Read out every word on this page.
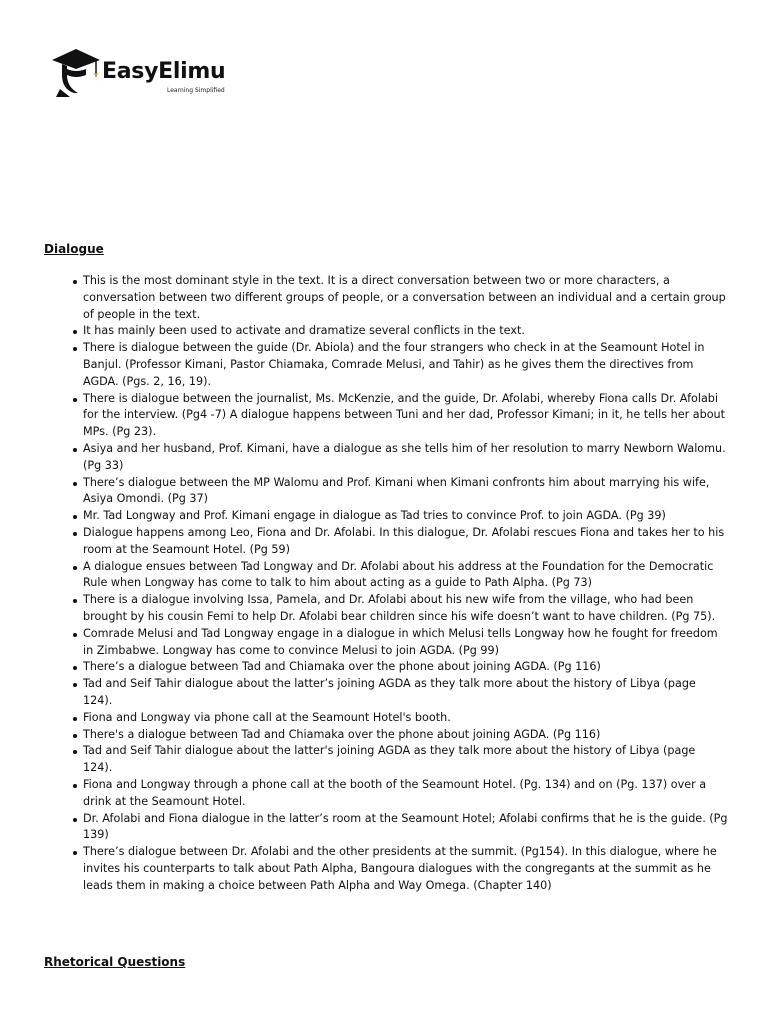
EasyElimu
Learning Simplified
Dialogue
This is the most dominant style in the text. It is a direct conversation between two or more characters, a conversation between two different groups of people, or a conversation between an individual and a certain group of people in the text.
It has mainly been used to activate and dramatize several conflicts in the text.
There is dialogue between the guide (Dr. Abiola) and the four strangers who check in at the Seamount Hotel in Banjul. (Professor Kimani, Pastor Chiamaka, Comrade Melusi, and Tahir) as he gives them the directives from AGDA. (Pgs. 2, 16, 19).
There is dialogue between the journalist, Ms. McKenzie, and the guide, Dr. Afolabi, whereby Fiona calls Dr. Afolabi for the interview. (Pg4 -7) A dialogue happens between Tuni and her dad, Professor Kimani; in it, he tells her about MPs. (Pg 23).
Asiya and her husband, Prof. Kimani, have a dialogue as she tells him of her resolution to marry Newborn Walomu. (Pg 33)
There’s dialogue between the MP Walomu and Prof. Kimani when Kimani confronts him about marrying his wife, Asiya Omondi. (Pg 37)
Mr. Tad Longway and Prof. Kimani engage in dialogue as Tad tries to convince Prof. to join AGDA. (Pg 39)
Dialogue happens among Leo, Fiona and Dr. Afolabi. In this dialogue, Dr. Afolabi rescues Fiona and takes her to his room at the Seamount Hotel. (Pg 59)
A dialogue ensues between Tad Longway and Dr. Afolabi about his address at the Foundation for the Democratic Rule when Longway has come to talk to him about acting as a guide to Path Alpha. (Pg 73)
There is a dialogue involving Issa, Pamela, and Dr. Afolabi about his new wife from the village, who had been brought by his cousin Femi to help Dr. Afolabi bear children since his wife doesn’t want to have children. (Pg 75).
Comrade Melusi and Tad Longway engage in a dialogue in which Melusi tells Longway how he fought for freedom in Zimbabwe. Longway has come to convince Melusi to join AGDA. (Pg 99)
There’s a dialogue between Tad and Chiamaka over the phone about joining AGDA. (Pg 116)
Tad and Seif Tahir dialogue about the latter’s joining AGDA as they talk more about the history of Libya (page 124).
Fiona and Longway via phone call at the Seamount Hotel's booth.
There's a dialogue between Tad and Chiamaka over the phone about joining AGDA. (Pg 116)
Tad and Seif Tahir dialogue about the latter's joining AGDA as they talk more about the history of Libya (page 124).
Fiona and Longway through a phone call at the booth of the Seamount Hotel. (Pg. 134) and on (Pg. 137) over a drink at the Seamount Hotel.
Dr. Afolabi and Fiona dialogue in the latter’s room at the Seamount Hotel; Afolabi confirms that he is the guide. (Pg 139)
There’s dialogue between Dr. Afolabi and the other presidents at the summit. (Pg154). In this dialogue, where he invites his counterparts to talk about Path Alpha, Bangoura dialogues with the congregants at the summit as he leads them in making a choice between Path Alpha and Way Omega. (Chapter 140)
Rhetorical Questions
